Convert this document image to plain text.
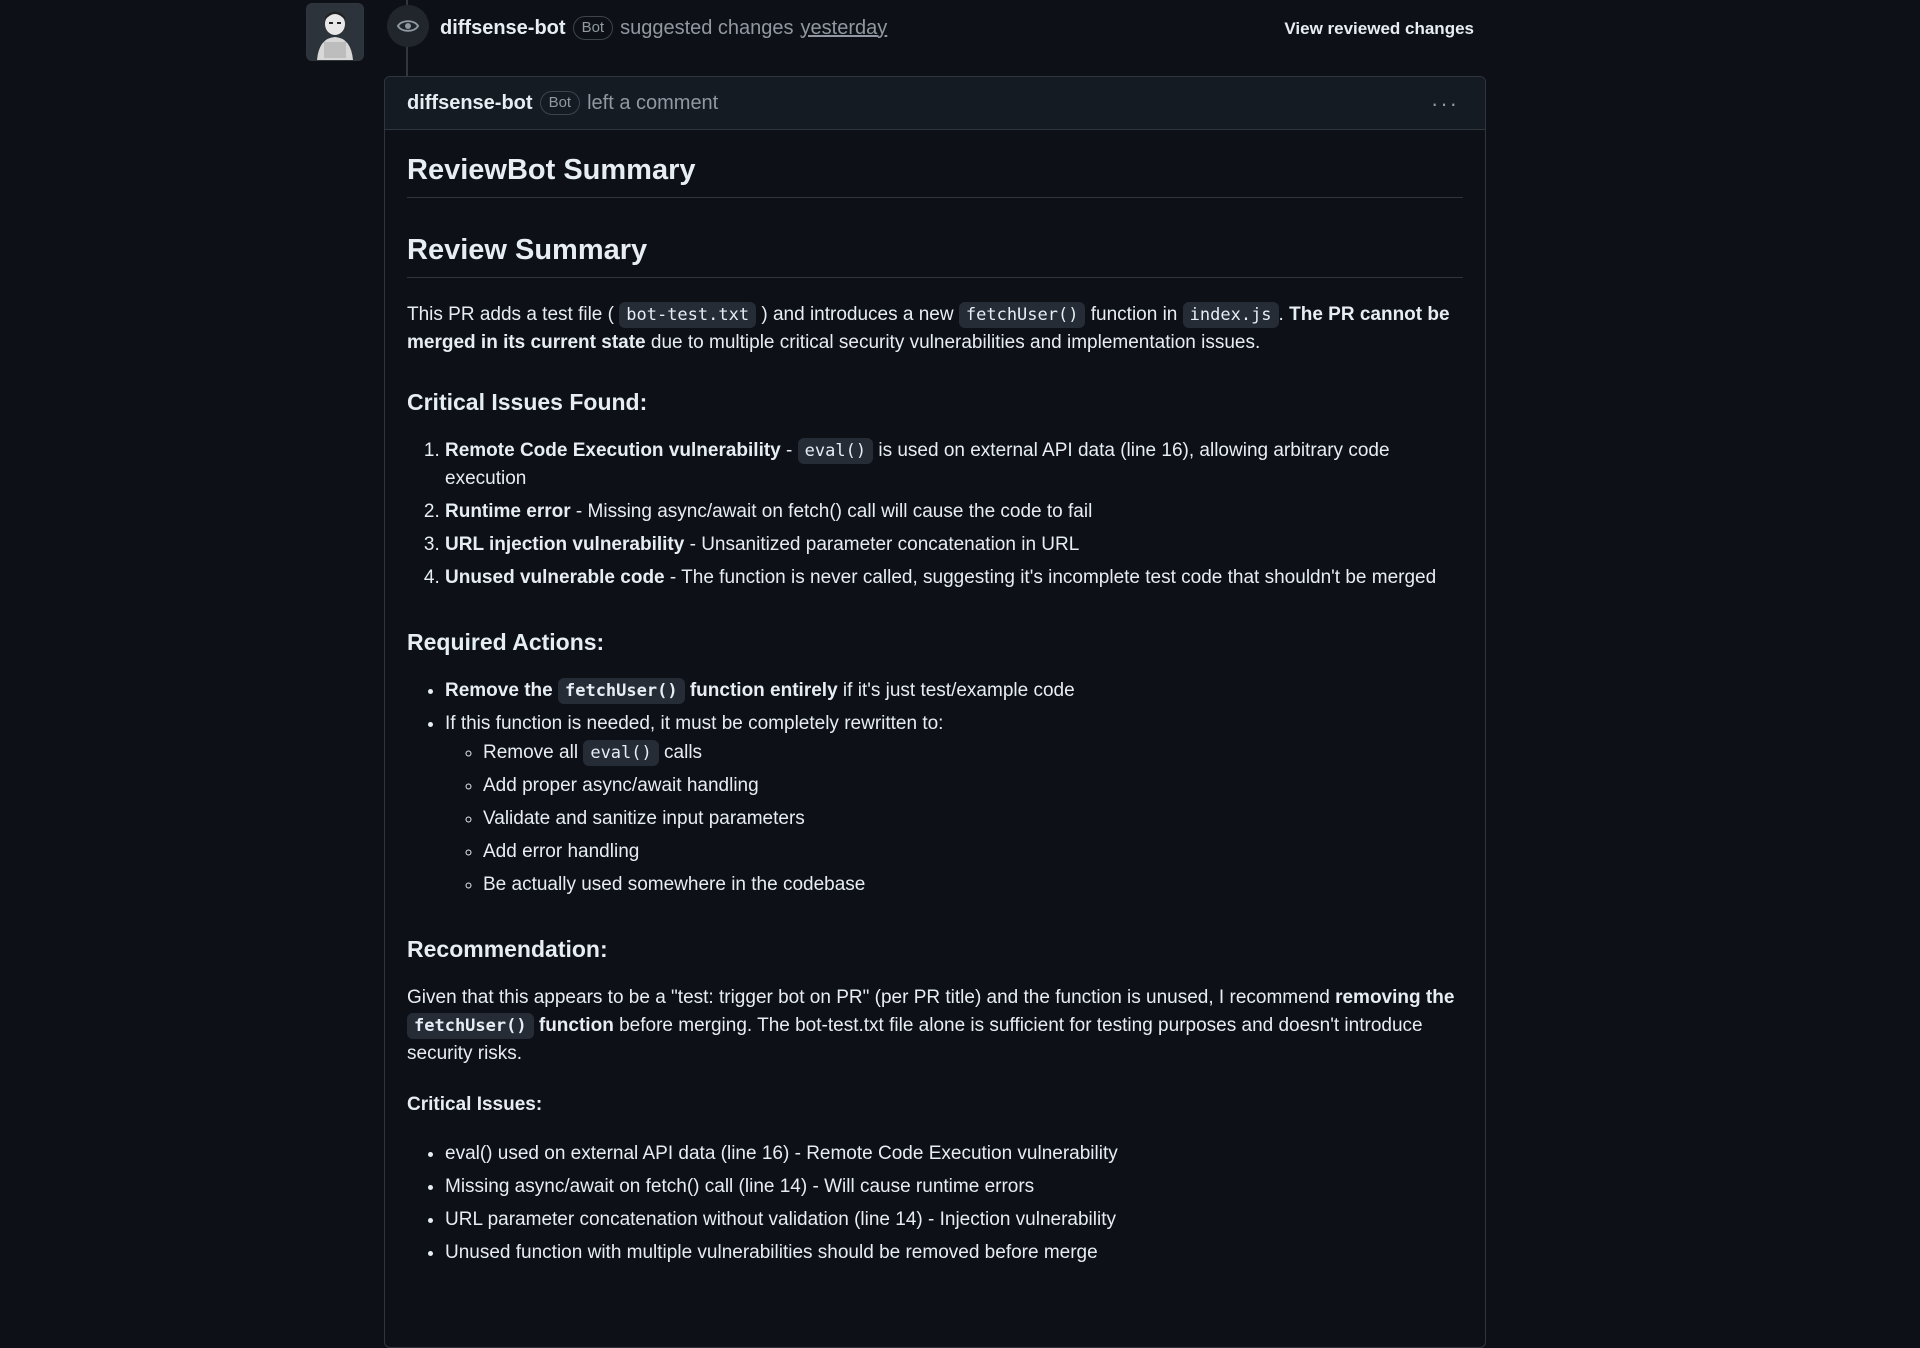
diffsense-bot	Bot suggested changes yesterday	View reviewed changes
diffsense-bot	Bot left a comment	···
ReviewBot Summary
Review Summary

This PR adds a test file ( bot-test.txt ) and introduces a new fetchUser() function in index.js . The PR cannot be merged in its current state due to multiple critical security vulnerabilities and implementation issues.

Critical Issues Found:
1. Remote Code Execution vulnerability - eval() is used on external API data (line 16), allowing arbitrary code execution
2. Runtime error - Missing async/await on fetch() call will cause the code to fail
3. URL injection vulnerability - Unsanitized parameter concatenation in URL
4. Unused vulnerable code - The function is never called, suggesting it's incomplete test code that shouldn't be merged
Required Actions:
• Remove the fetchUser() function entirely if it's just test/example code
• If this function is needed, it must be completely rewritten to:
◦ Remove all eval() calls
◦ Add proper async/await handling
◦ Validate and sanitize input parameters
◦ Add error handling
◦ Be actually used somewhere in the codebase
Recommendation:

Given that this appears to be a "test: trigger bot on PR" (per PR title) and the function is unused, I recommend removing the fetchUser() function before merging. The bot-test.txt file alone is sufficient for testing purposes and doesn't introduce security risks.

Critical Issues:

• eval() used on external API data (line 16) - Remote Code Execution vulnerability
• Missing async/await on fetch() call (line 14) - Will cause runtime errors
• URL parameter concatenation without validation (line 14) - Injection vulnerability
• Unused function with multiple vulnerabilities should be removed before merge
